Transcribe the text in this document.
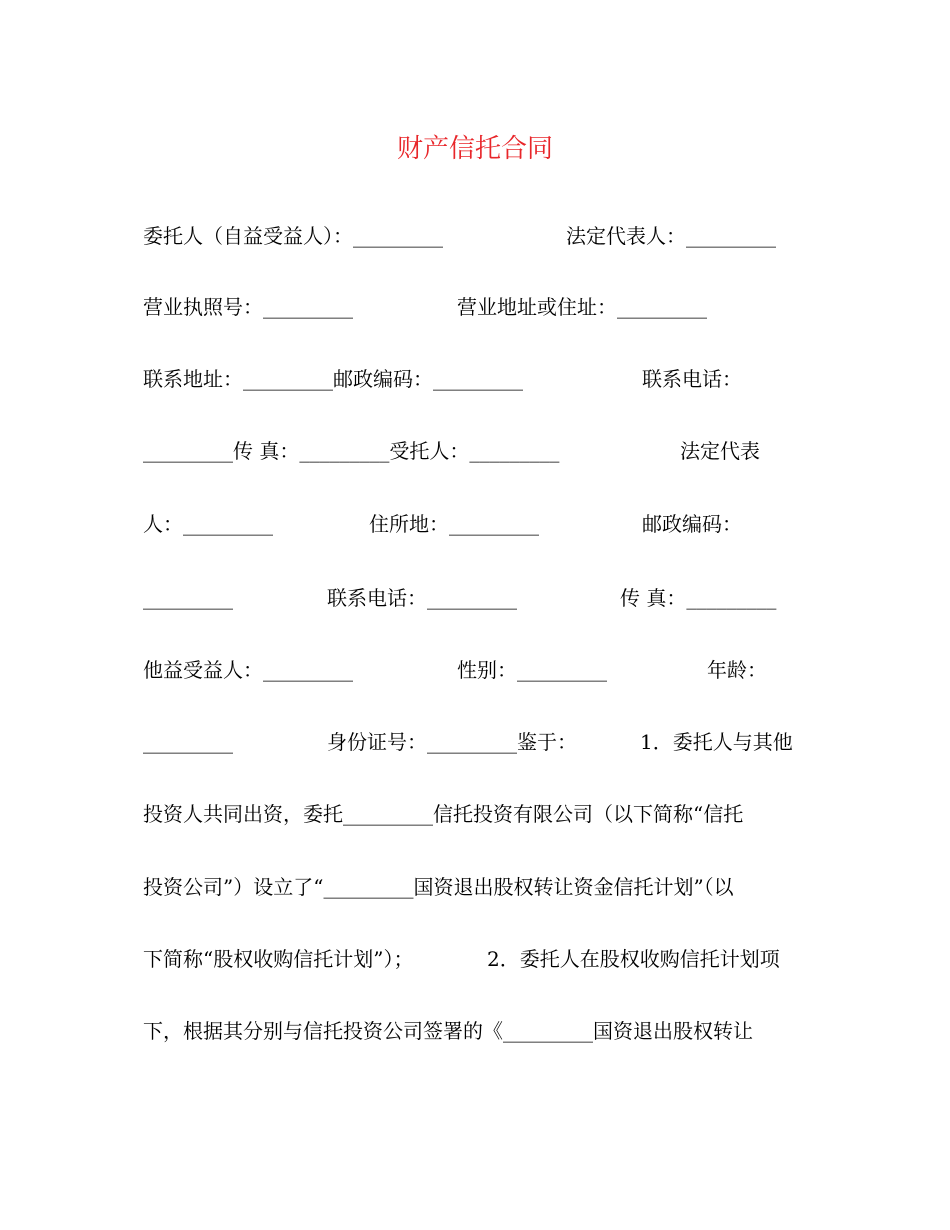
财产信托合同
委托人（自益受益人）：_________	法定代表人：_________
营业执照号：_________	营业地址或住址：_________
联系地址：_________邮政编码：_________	联系电话：
_________传 真：_________受托人：_________	法定代表
人：_________	住所地：_________	邮政编码：
_________	联系电话：_________	传 真：_________
他益受益人：_________	性别：_________	年龄：
_________	身份证号：_________鉴于：	1．委托人与其他
投资人共同出资，委托_________信托投资有限公司（以下简称“信托
投资公司”）设立了“_________国资退出股权转让资金信托计划”（以
下简称“股权收购信托计划”）；	2．委托人在股权收购信托计划项
下，根据其分别与信托投资公司签署的《_________国资退出股权转让
